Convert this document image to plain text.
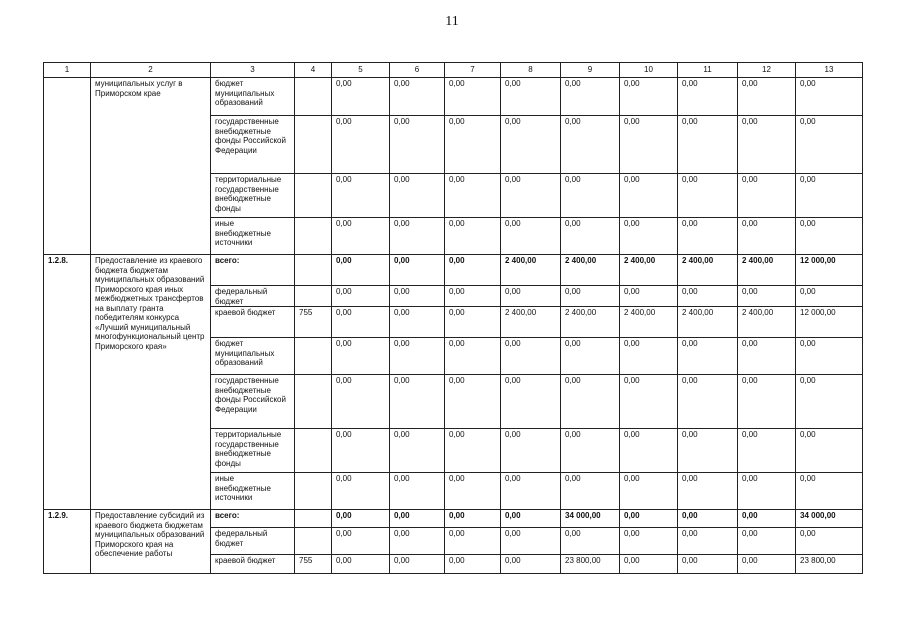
11
1	2	3	4	5	6	7	8	9	10	11	12	13
	муниципальных услуг в Приморском крае	бюджет муниципальных образований		0,00	0,00	0,00	0,00	0,00	0,00	0,00	0,00	0,00
		государственные внебюджетные фонды Российской Федерации		0,00	0,00	0,00	0,00	0,00	0,00	0,00	0,00	0,00
		территориальные государственные внебюджетные фонды		0,00	0,00	0,00	0,00	0,00	0,00	0,00	0,00	0,00
		иные внебюджетные источники		0,00	0,00	0,00	0,00	0,00	0,00	0,00	0,00	0,00
1.2.8.	Предоставление из краевого бюджета бюджетам муниципальных образований Приморского края иных межбюджетных трансфертов на выплату гранта победителям конкурса «Лучший муниципальный многофункциональный центр Приморского края»	всего:		0,00	0,00	0,00	2 400,00	2 400,00	2 400,00	2 400,00	2 400,00	12 000,00
		федеральный бюджет		0,00	0,00	0,00	0,00	0,00	0,00	0,00	0,00	0,00
		краевой бюджет	755	0,00	0,00	0,00	2 400,00	2 400,00	2 400,00	2 400,00	2 400,00	12 000,00
		бюджет муниципальных образований		0,00	0,00	0,00	0,00	0,00	0,00	0,00	0,00	0,00
		государственные внебюджетные фонды Российской Федерации		0,00	0,00	0,00	0,00	0,00	0,00	0,00	0,00	0,00
		территориальные государственные внебюджетные фонды		0,00	0,00	0,00	0,00	0,00	0,00	0,00	0,00	0,00
		иные внебюджетные источники		0,00	0,00	0,00	0,00	0,00	0,00	0,00	0,00	0,00
1.2.9.	Предоставление субсидий из краевого бюджета бюджетам муниципальных образований Приморского края на обеспечение работы	всего:		0,00	0,00	0,00	0,00	34 000,00	0,00	0,00	0,00	34 000,00
		федеральный бюджет		0,00	0,00	0,00	0,00	0,00	0,00	0,00	0,00	0,00
		краевой бюджет	755	0,00	0,00	0,00	0,00	23 800,00	0,00	0,00	0,00	23 800,00
